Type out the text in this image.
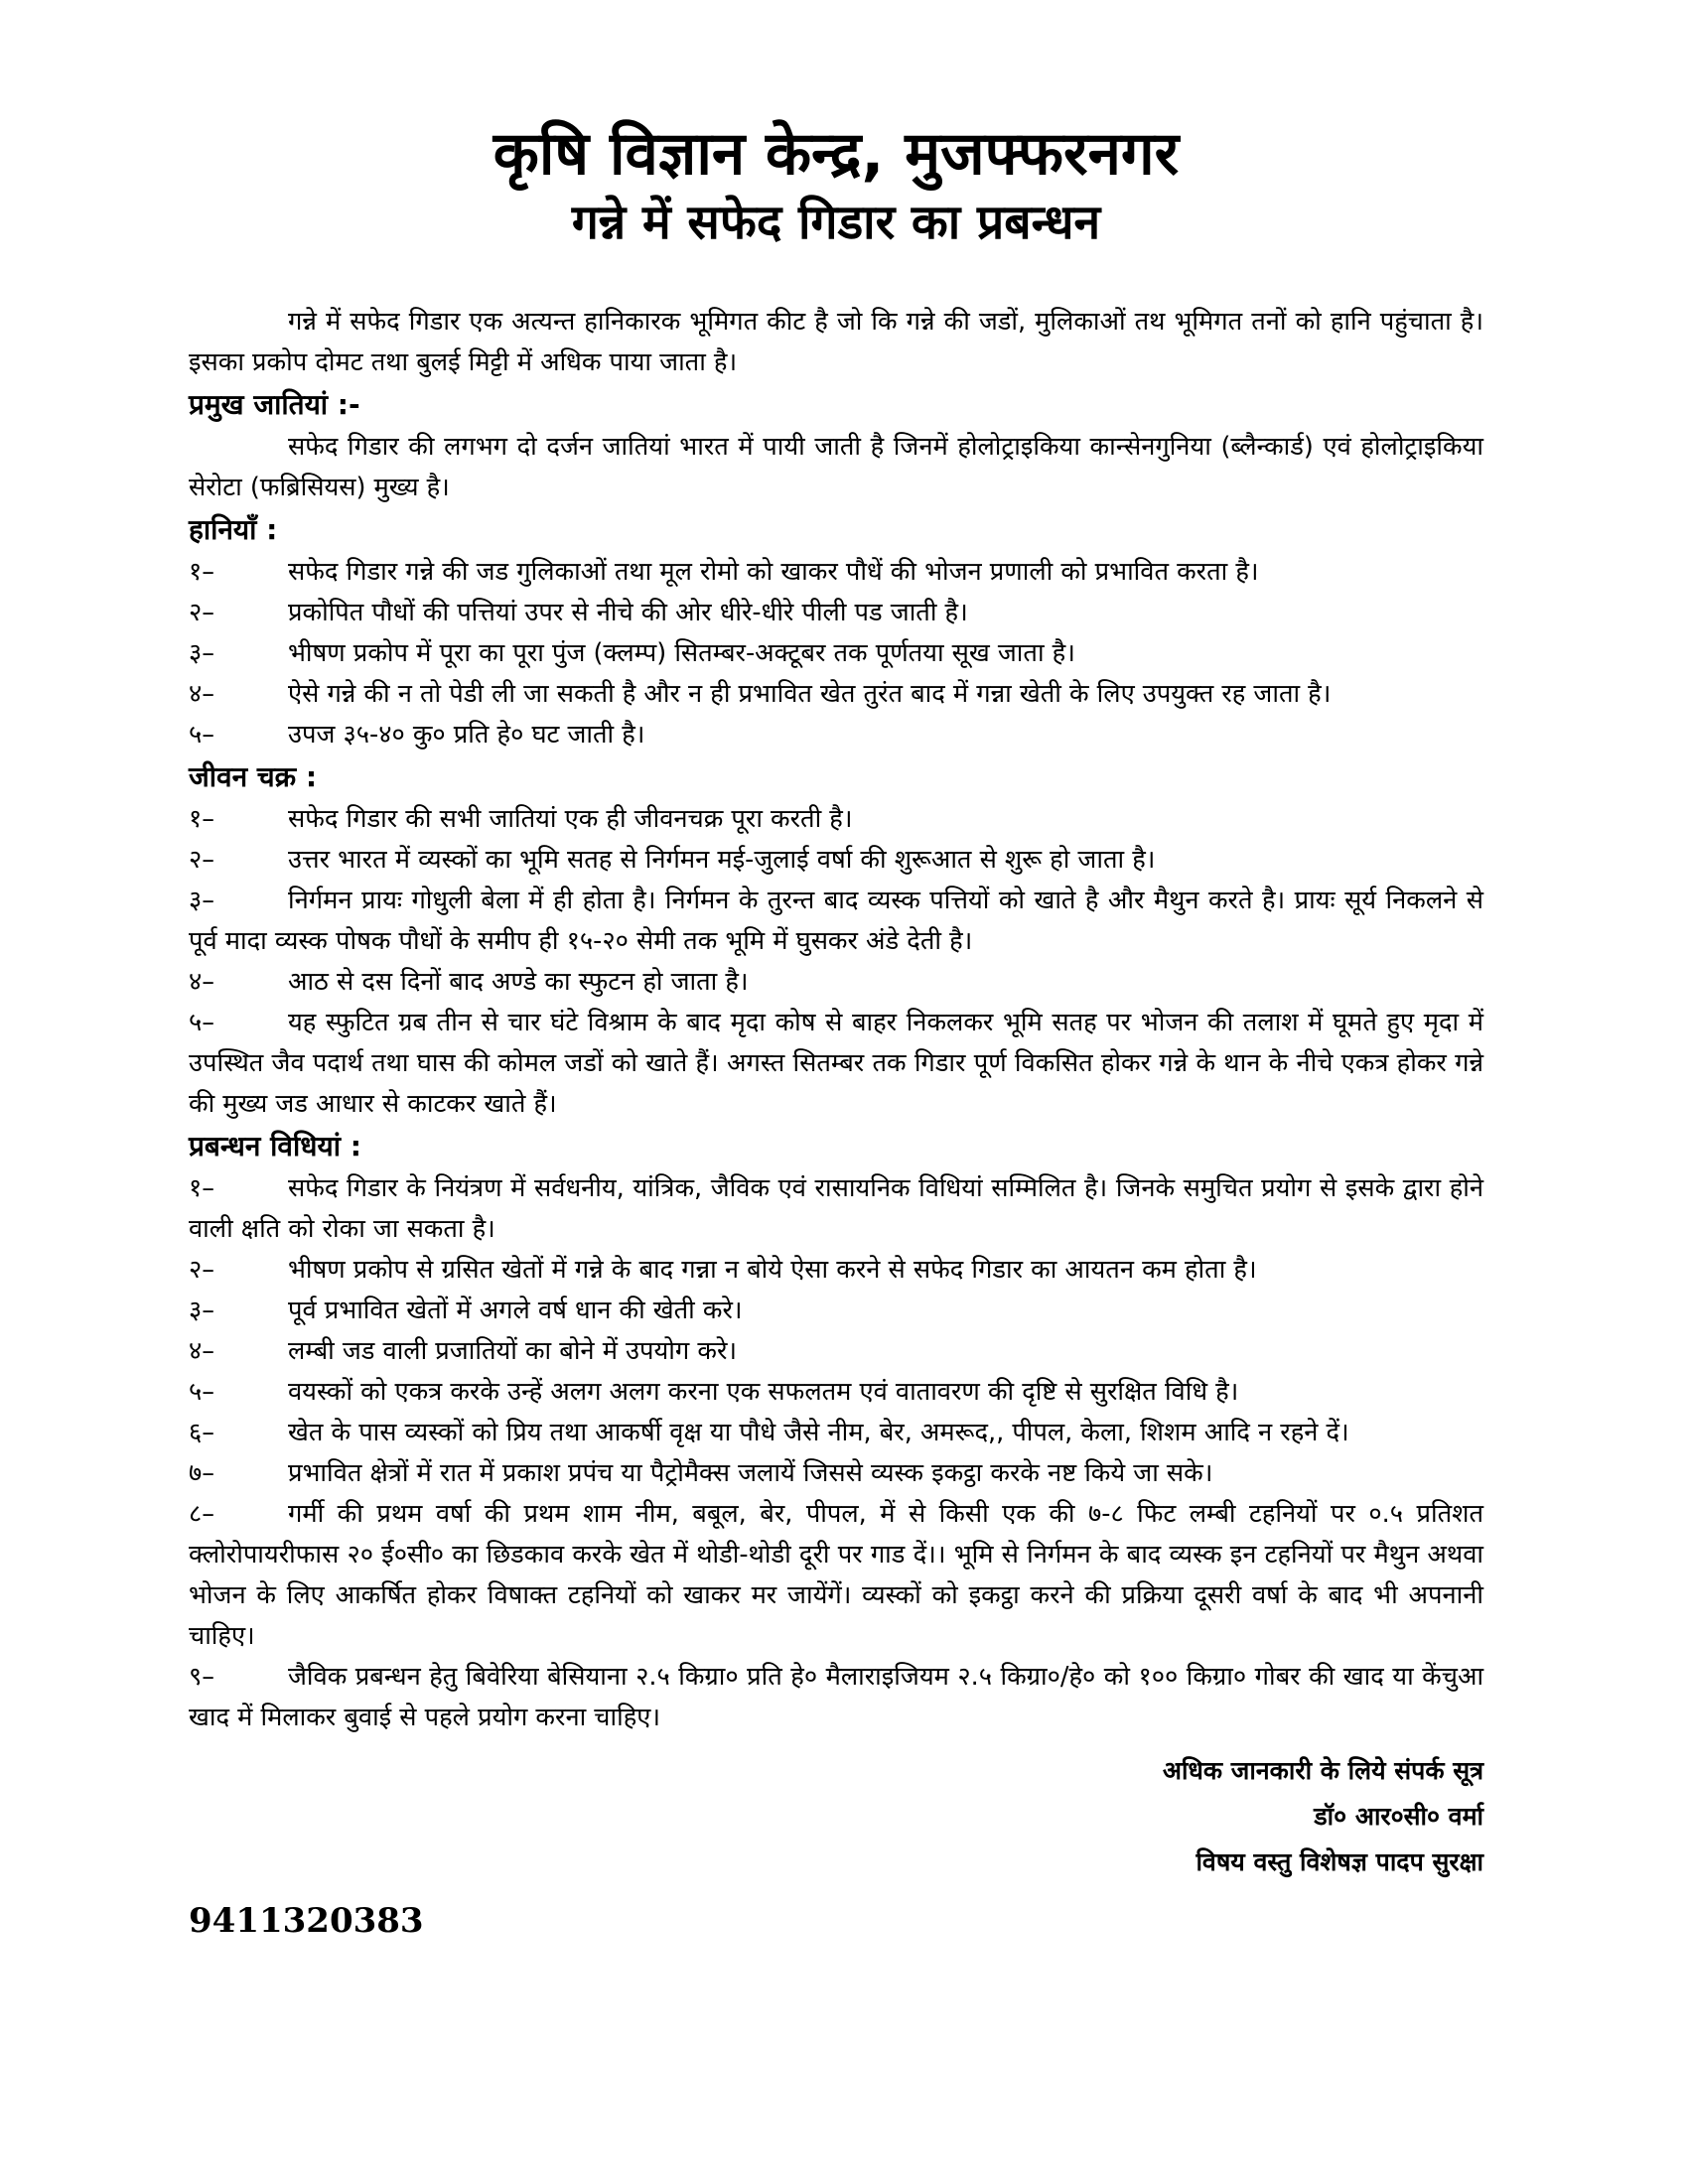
कृषि विज्ञान केन्द्र, मुजफ्फरनगर
गन्ने में सफेद गिडार का प्रबन्धन

गन्ने में सफेद गिडार एक अत्यन्त हानिकारक भूमिगत कीट है जो कि गन्ने की जडों, मुलिकाओं तथ भूमिगत तनों को हानि पहुंचाता है। इसका प्रकोप दोमट तथा बुलई मिट्टी में अधिक पाया जाता है।

प्रमुख जातियां :-

सफेद गिडार की लगभग दो दर्जन जातियां भारत में पायी जाती है जिनमें होलोट्राइकिया कान्सेनगुनिया (ब्लैन्कार्ड) एवं होलोट्राइकिया सेरोटा (फब्रिसियस) मुख्य है।

हानियॉं :
१–	सफेद गिडार गन्ने की जड गुलिकाओं तथा मूल रोमो को खाकर पौधें की भोजन प्रणाली को प्रभावित करता है।
२–	प्रकोपित पौधों की पत्तियां उपर से नीचे की ओर धीरे-धीरे पीली पड जाती है।
३–	भीषण प्रकोप में पूरा का पूरा पुंज (क्लम्प) सितम्बर-अक्टूबर तक पूर्णतया सूख जाता है।
४–	ऐसे गन्ने की न तो पेडी ली जा सकती है और न ही प्रभावित खेत तुरंत बाद में गन्ना खेती के लिए उपयुक्त रह जाता है।
५–	उपज ३५-४० कु० प्रति हे० घट जाती है।
जीवन चक्र :
१–	सफेद गिडार की सभी जातियां एक ही जीवनचक्र पूरा करती है।
२–	उत्तर भारत में व्यस्कों का भूमि सतह से निर्गमन मई-जुलाई वर्षा की शुरूआत से शुरू हो जाता है।
३–	निर्गमन प्रायः गोधुली बेला में ही होता है। निर्गमन के तुरन्त बाद व्यस्क पत्तियों को खाते है और मैथुन करते है। प्रायः सूर्य निकलने से पूर्व मादा व्यस्क पोषक पौधों के समीप ही १५-२० सेमी तक भूमि में घुसकर अंडे देती है।
४–	आठ से दस दिनों बाद अण्डे का स्फुटन हो जाता है।
५–	यह स्फुटित ग्रब तीन से चार घंटे विश्राम के बाद मृदा कोष से बाहर निकलकर भूमि सतह पर भोजन की तलाश में घूमते हुए मृदा में उपस्थित जैव पदार्थ तथा घास की कोमल जडों को खाते हैं। अगस्त सितम्बर तक गिडार पूर्ण विकसित होकर गन्ने के थान के नीचे एकत्र होकर गन्ने की मुख्य जड आधार से काटकर खाते हैं।
प्रबन्धन विधियां :
१–	सफेद गिडार के नियंत्रण में सर्वधनीय, यांत्रिक, जैविक एवं रासायनिक विधियां सम्मिलित है। जिनके समुचित प्रयोग से इसके द्वारा होने वाली क्षति को रोका जा सकता है।
२–	भीषण प्रकोप से ग्रसित खेतों में गन्ने के बाद गन्ना न बोये ऐसा करने से सफेद गिडार का आयतन कम होता है।
३–	पूर्व प्रभावित खेतों में अगले वर्ष धान की खेती करे।
४–	लम्बी जड वाली प्रजातियों का बोने में उपयोग करे।
५–	वयस्कों को एकत्र करके उन्हें अलग अलग करना एक सफलतम एवं वातावरण की दृष्टि से सुरक्षित विधि है।
६–	खेत के पास व्यस्कों को प्रिय तथा आकर्षी वृक्ष या पौधे जैसे नीम, बेर, अमरूद,, पीपल, केला, शिशम आदि न रहने दें।
७–	प्रभावित क्षेत्रों में रात में प्रकाश प्रपंच या पैट्रोमैक्स जलायें जिससे व्यस्क इकट्ठा करके नष्ट किये जा सके।
८–	गर्मी की प्रथम वर्षा की प्रथम शाम नीम, बबूल, बेर, पीपल, में से किसी एक की ७-८ फिट लम्बी टहनियों पर ०.५ प्रतिशत क्लोरोपायरीफास २० ई०सी० का छिडकाव करके खेत में थोडी-थोडी दूरी पर गाड दें।। भूमि से निर्गमन के बाद व्यस्क इन टहनियों पर मैथुन अथवा भोजन के लिए आकर्षित होकर विषाक्त टहनियों को खाकर मर जायेंगें। व्यस्कों को इकट्ठा करने की प्रक्रिया दूसरी वर्षा के बाद भी अपनानी चाहिए।
९–	जैविक प्रबन्धन हेतु बिवेरिया बेसियाना २.५ किग्रा० प्रति हे० मैलाराइजियम २.५ किग्रा०/हे० को १०० किग्रा० गोबर की खाद या केंचुआ खाद में मिलाकर बुवाई से पहले प्रयोग करना चाहिए।
अधिक जानकारी के लिये संपर्क सूत्र
डॉ० आर०सी० वर्मा
विषय वस्तु विशेषज्ञ पादप सुरक्षा
9411320383
